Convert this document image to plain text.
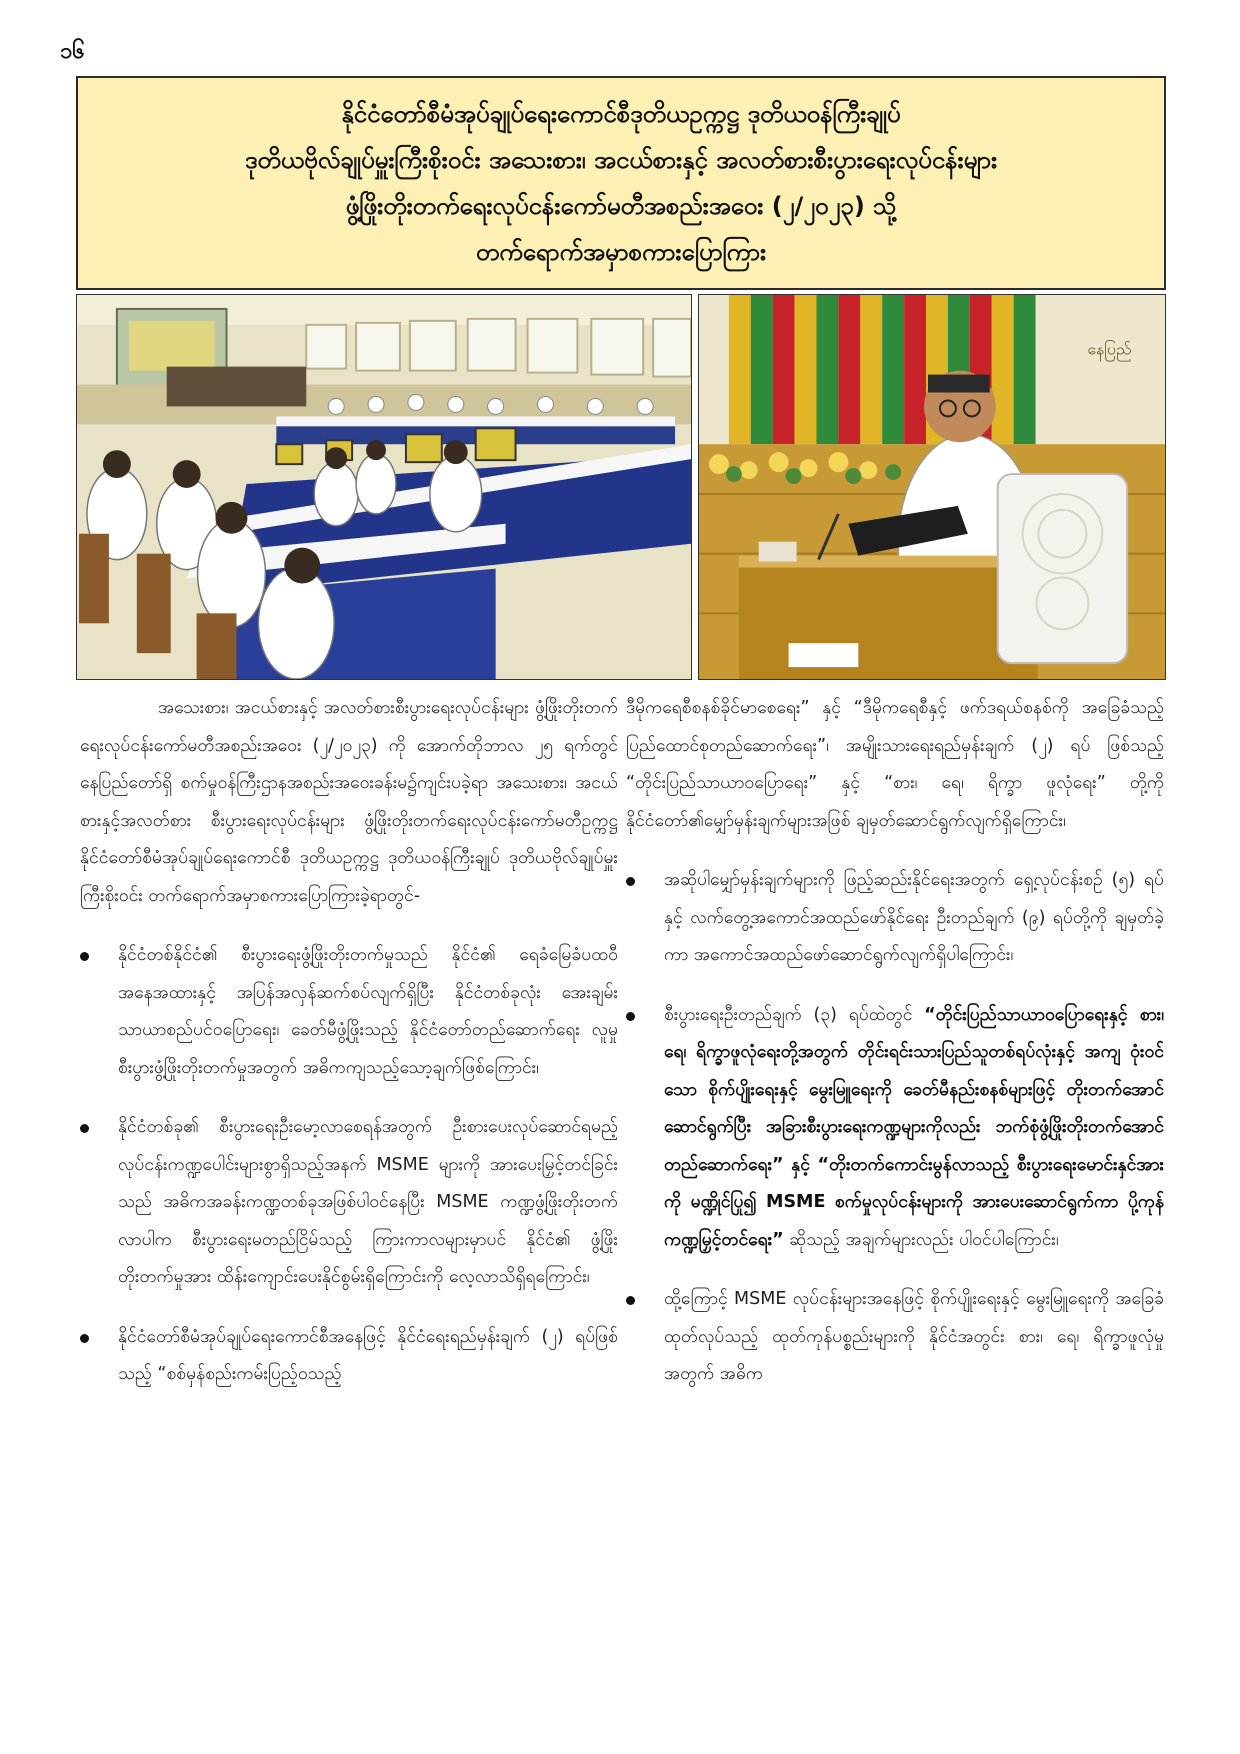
၁၆
နိုင်ငံတော်စီမံအုပ်ချုပ်ရေးကောင်စီဒုတိယဥက္ကဋ္ဌ ဒုတိယဝန်ကြီးချုပ်
ဒုတိယဗိုလ်ချုပ်မှူးကြီးစိုးဝင်း အသေးစား၊ အငယ်စားနှင့် အလတ်စားစီးပွားရေးလုပ်ငန်းများ
ဖွံ့ဖြိုးတိုးတက်ရေးလုပ်ငန်းကော်မတီအစည်းအဝေး (၂/၂၀၂၃) သို့
တက်ရောက်အမှာစကားပြောကြား
နေပြည်

အသေးစား၊ အငယ်စားနှင့် အလတ်စားစီးပွားရေးလုပ်ငန်းများ ဖွံ့ဖြိုးတိုးတက်ရေးလုပ်ငန်းကော်မတီအစည်းအဝေး (၂/၂၀၂၃) ကို အောက်တိုဘာလ ၂၅ ရက်တွင် နေပြည်တော်ရှိ စက်မှုဝန်ကြီးဌာနအစည်းအဝေးခန်းမ၌ကျင်းပခဲ့ရာ အသေးစား၊ အငယ်စားနှင့်အလတ်စား စီးပွားရေးလုပ်ငန်းများ ဖွံ့ဖြိုးတိုးတက်ရေးလုပ်ငန်းကော်မတီဥက္ကဋ္ဌ နိုင်ငံတော်စီမံအုပ်ချုပ်ရေးကောင်စီ ဒုတိယဥက္ကဋ္ဌ ဒုတိယဝန်ကြီးချုပ် ဒုတိယဗိုလ်ချုပ်မှူးကြီးစိုးဝင်း တက်ရောက်အမှာစကားပြောကြားခဲ့ရာတွင်-

နိုင်ငံတစ်နိုင်ငံ၏ စီးပွားရေးဖွံ့ဖြိုးတိုးတက်မှုသည် နိုင်ငံ၏ ရေခံမြေခံပထဝီအနေအထားနှင့် အပြန်အလှန်ဆက်စပ်လျက်ရှိပြီး နိုင်ငံတစ်ခုလုံး အေးချမ်းသာယာစည်ပင်ဝပြောရေး၊ ခေတ်မီဖွံ့ဖြိုးသည့် နိုင်ငံတော်တည်ဆောက်ရေး လူမှုစီးပွားဖွံ့ဖြိုးတိုးတက်မှုအတွက် အဓိကကျသည့်သော့ချက်ဖြစ်ကြောင်း၊
နိုင်ငံတစ်ခု၏ စီးပွားရေးဦးမော့လာစေရန်အတွက် ဦးစားပေးလုပ်ဆောင်ရမည့် လုပ်ငန်းကဏ္ဍပေါင်းများစွာရှိသည့်အနက် MSME များကို အားပေးမြှင့်တင်ခြင်းသည် အဓိကအခန်းကဏ္ဍတစ်ခုအဖြစ်ပါဝင်နေပြီး MSME ကဏ္ဍဖွံ့ဖြိုးတိုးတက်လာပါက စီးပွားရေးမတည်ငြိမ်သည့် ကြားကာလများမှာပင် နိုင်ငံ၏ ဖွံ့ဖြိုးတိုးတက်မှုအား ထိန်းကျောင်းပေးနိုင်စွမ်းရှိကြောင်းကို လေ့လာသိရှိရကြောင်း၊
နိုင်ငံတော်စီမံအုပ်ချုပ်ရေးကောင်စီအနေဖြင့် နိုင်ငံရေးရည်မှန်းချက် (၂) ရပ်ဖြစ်သည့် “စစ်မှန်စည်းကမ်းပြည့်ဝသည့်

ဒီမိုကရေစီစနစ်ခိုင်မာစေရေး” နှင့် “ဒီမိုကရေစီနှင့် ဖက်ဒရယ်စနစ်ကို အခြေခံသည့် ပြည်ထောင်စုတည်ဆောက်ရေး”၊ အမျိုးသားရေးရည်မှန်းချက် (၂) ရပ် ဖြစ်သည့် “တိုင်းပြည်သာယာဝပြောရေး” နှင့် “စား၊ ရေ၊ ရိက္ခာ ဖူလုံရေး” တို့ကိုနိုင်ငံတော်၏မျှော်မှန်းချက်များအဖြစ် ချမှတ်ဆောင်ရွက်လျက်ရှိကြောင်း၊

အဆိုပါမျှော်မှန်းချက်များကို ဖြည့်ဆည်းနိုင်ရေးအတွက် ရှေ့လုပ်ငန်းစဉ် (၅) ရပ်နှင့် လက်တွေ့အကောင်အထည်ဖော်နိုင်ရေး ဦးတည်ချက် (၉) ရပ်တို့ကို ချမှတ်ခဲ့ကာ အကောင်အထည်ဖော်ဆောင်ရွက်လျက်ရှိပါကြောင်း၊
စီးပွားရေးဦးတည်ချက် (၃) ရပ်ထဲတွင် “တိုင်းပြည်သာယာဝပြောရေးနှင့် စား၊ ရေ၊ ရိက္ခာဖူလုံရေးတို့အတွက် တိုင်းရင်းသားပြည်သူတစ်ရပ်လုံးနှင့် အကျ ဝုံးဝင်သော စိုက်ပျိုးရေးနှင့် မွေးမြူရေးကို ခေတ်မီနည်းစနစ်များဖြင့် တိုးတက်အောင်ဆောင်ရွက်ပြီး အခြားစီးပွားရေးကဏ္ဍများကိုလည်း ဘက်စုံဖွံ့ဖြိုးတိုးတက်အောင် တည်ဆောက်ရေး” နှင့် “တိုးတက်ကောင်းမွန်လာသည့် စီးပွားရေးမောင်းနှင်အားကို မဏ္ဍိုင်ပြု၍ MSME စက်မှုလုပ်ငန်းများကို အားပေးဆောင်ရွက်ကာ ပို့ကုန်ကဏ္ဍမြှင့်တင်ရေး” ဆိုသည့် အချက်များလည်း ပါဝင်ပါကြောင်း၊
ထို့ကြောင့် MSME လုပ်ငန်းများအနေဖြင့် စိုက်ပျိုးရေးနှင့် မွေးမြူရေးကို အခြေခံထုတ်လုပ်သည့် ထုတ်ကုန်ပစ္စည်းများကို နိုင်ငံအတွင်း စား၊ ရေ၊ ရိက္ခာဖူလုံမှု အတွက် အဓိက
